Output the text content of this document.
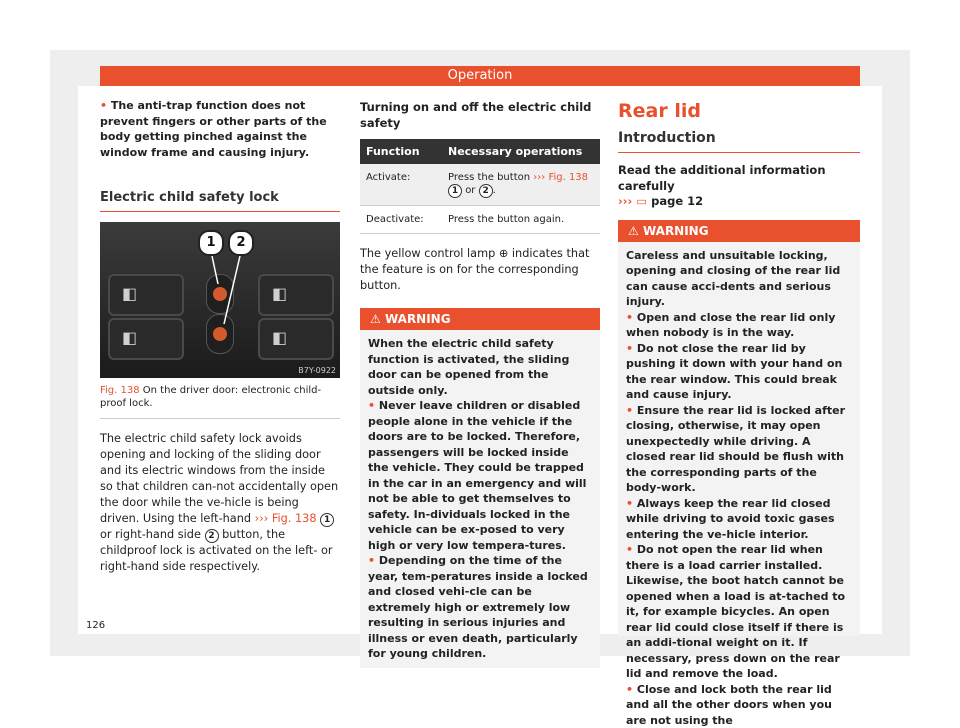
Operation

• The anti-trap function does not prevent fingers or other parts of the body getting pinched against the window frame and causing injury.

Electric child safety lock

◧
◧
◧
◧
1	2
B7Y-0922
Fig. 138 On the driver door: electronic child-proof lock.

The electric child safety lock avoids opening and locking of the sliding door and its electric windows from the inside so that children can-not accidentally open the door while the ve-hicle is being driven. Using the left-hand ››› Fig. 138 1 or right-hand side 2 button, the childproof lock is activated on the left- or right-hand side respectively.

Turning on and off the electric child safety

Function	Necessary operations
Activate:	Press the button ››› Fig. 138 1 or 2 .
Deactivate:	Press the button again.

The yellow control lamp ⊕ indicates that the feature is on for the corresponding button.

⚠ WARNING

When the electric child safety function is activated, the sliding door can be opened from the outside only.

• Never leave children or disabled people alone in the vehicle if the doors are to be locked. Therefore, passengers will be locked inside the vehicle. They could be trapped in the car in an emergency and will not be able to get themselves to safety. In-dividuals locked in the vehicle can be ex-posed to very high or very low tempera-tures.

• Depending on the time of the year, tem-peratures inside a locked and closed vehi-cle can be extremely high or extremely low resulting in serious injuries and illness or even death, particularly for young children.

Rear lid

Introduction

Read the additional information carefully
››› ▭ page 12

⚠ WARNING

Careless and unsuitable locking, opening and closing of the rear lid can cause acci-dents and serious injury.

• Open and close the rear lid only when nobody is in the way.

• Do not close the rear lid by pushing it down with your hand on the rear window. This could break and cause injury.

• Ensure the rear lid is locked after closing, otherwise, it may open unexpectedly while driving. A closed rear lid should be flush with the corresponding parts of the body-work.

• Always keep the rear lid closed while driving to avoid toxic gases entering the ve-hicle interior.

• Do not open the rear lid when there is a load carrier installed. Likewise, the boot hatch cannot be opened when a load is at-tached to it, for example bicycles. An open rear lid could close itself if there is an addi-tional weight on it. If necessary, press down on the rear lid and remove the load.

• Close and lock both the rear lid and all the other doors when you are not using the

126
